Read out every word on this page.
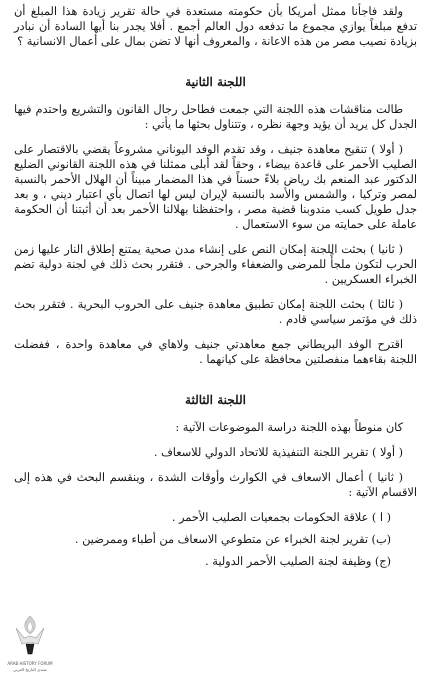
ولقد فاجأنا ممثل أمريكا بأن حكومته مستعدة في حالة تقرير زيادة هذا المبلغ أن تدفع مبلغاً يوازي مجموع ما تدفعه دول العالم أجمع . أفلا يجدر بنا أيها السادة أن نبادر بزيادة نصيب مصر من هذه الاعانة ، والمعروف أنها لا تضن بمال على أعمال الانسانية ؟

اللجنة الثانية

طالت مناقشات هذه اللجنة التي جمعت فطاحل رجال القانون والتشريع واحتدم فيها الجدل كل يريد أن يؤيد وجهة نظره ، وتتناول بحثها ما يأتي :

( أولا ) تنقيح معاهدة جنيف ، وقد تقدم الوفد اليوناني مشروعاً يقضي بالاقتصار على الصليب الأحمر على قاعدة بيضاء ، وحقاً لقد أبلى ممثلنا في هذه اللجنة القانوني الضليع الدكتور عبد المنعم بك رياض بلاءً حسناً في هذا المضمار مبيناً أن الهلال الأحمر بالنسبة لمصر وتركيا ، والشمس والأسد بالنسبة لإيران ليس لها اتصال بأي اعتبار ديني ، و بعد جدل طويل كسب مندوبنا قضية مصر ، واحتفظنا بهلالنا الأحمر بعد أن أثبتنا أن الحكومة عاملة على حمايته من سوء الاستعمال .

( ثانيا ) بحثت اللجنة إمكان النص على إنشاء مدن صحية يمتنع إطلاق النار عليها زمن الحرب لتكون ملجأً للمرضى والضعفاء والجرحى . فتقرر بحث ذلك في لجنة دولية تضم الخبراء العسكريين .

( ثالثا ) بحثت اللجنة إمكان تطبيق معاهدة جنيف على الحروب البحرية . فتقرر بحث ذلك في مؤتمر سياسي قادم .

اقترح الوفد البريطاني جمع معاهدتي جنيف ولاهاي في معاهدة واحدة ، ففضلت اللجنة بقاءهما منفصلتين محافظة على كيانهما .

اللجنة الثالثة

كان منوطاً بهذه اللجنة دراسة الموضوعات الآتية :

( أولا ) تقرير اللجنة التنفيذية للاتحاد الدولي للاسعاف .

( ثانيا ) أعمال الاسعاف في الكوارث وأوقات الشدة ، وينقسم البحث في هذه إلى الاقسام الآتية :

( ا ) علاقة الحكومات بجمعيات الصليب الأحمر .

(ب) تقرير لجنة الخبراء عن متطوعي الاسعاف من أطباء وممرضين .

(ج) وظيفة لجنة الصليب الأحمر الدولية .

ARAB HISTORY FORUM
منتدى التاريخ العربي
